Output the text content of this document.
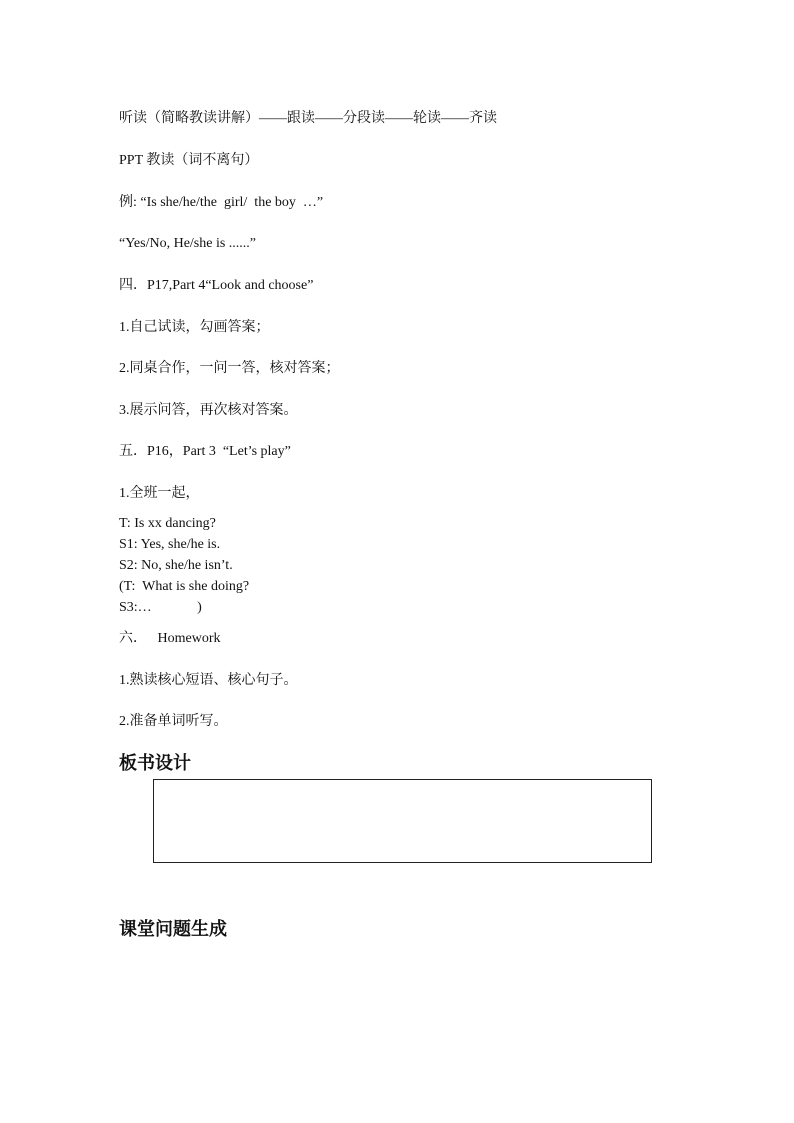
听读（简略教读讲解）——跟读——分段读——轮读——齐读
PPT 教读（词不离句）
例: “Is she/he/the  girl/  the boy  …”
“Yes/No, He/she is ......”
四．P17,Part 4“Look and choose”
1.自己试读，勾画答案；
2.同桌合作，一问一答，核对答案；
3.展示问答，再次核对答案。
五．P16，Part 3  “Let’s play”
1.全班一起，
T: Is xx dancing?
S1: Yes, she/he is.
S2: No, she/he isn’t.
(T:  What is she doing?
S3:…             )
六．   Homework
1.熟读核心短语、核心句子。
2.准备单词听写。
板书设计
课堂问题生成
